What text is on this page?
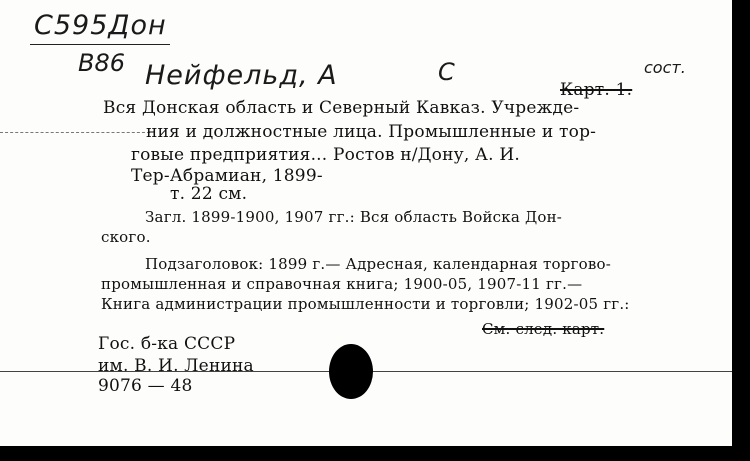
С595Дон
В86 Нейфельд, А	С	сост.
Карт. 1.
Вся Донская область и Северный Кавказ. Учрежде-
ния и должностные лица. Промышленные и тор-
говые предприятия... Ростов н/Дону, А. И.
Тер-Абрамиан, 1899-
т. 22 см.
Загл. 1899-1900, 1907 гг.: Вся область Войска Дон-
ского.
Подзаголовок: 1899 г.— Адресная, календарная торгово-
промышленная и справочная книга; 1900-05, 1907-11 гг.—
Книга администрации промышленности и торговли; 1902-05 гг.:
См. след. карт.
Гос. б-ка СССР
им. В. И. Ленина
9076 — 48
